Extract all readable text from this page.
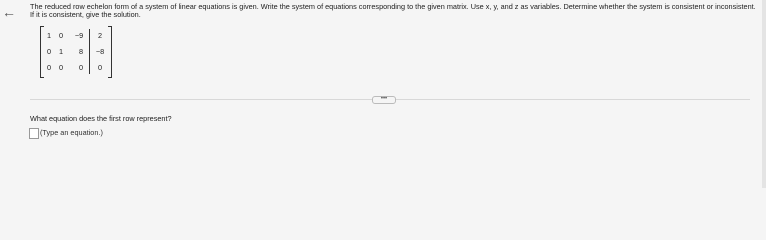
← The reduced row echelon form of a system of linear equations is given. Write the system of equations corresponding to the given matrix. Use x, y, and z as variables. Determine whether the system is consistent or inconsistent. If it is consistent, give the solution.
1	0	−9	2
0	1	8	−8
0	0	0	0
•••
What equation does the first row represent?
(Type an equation.)
